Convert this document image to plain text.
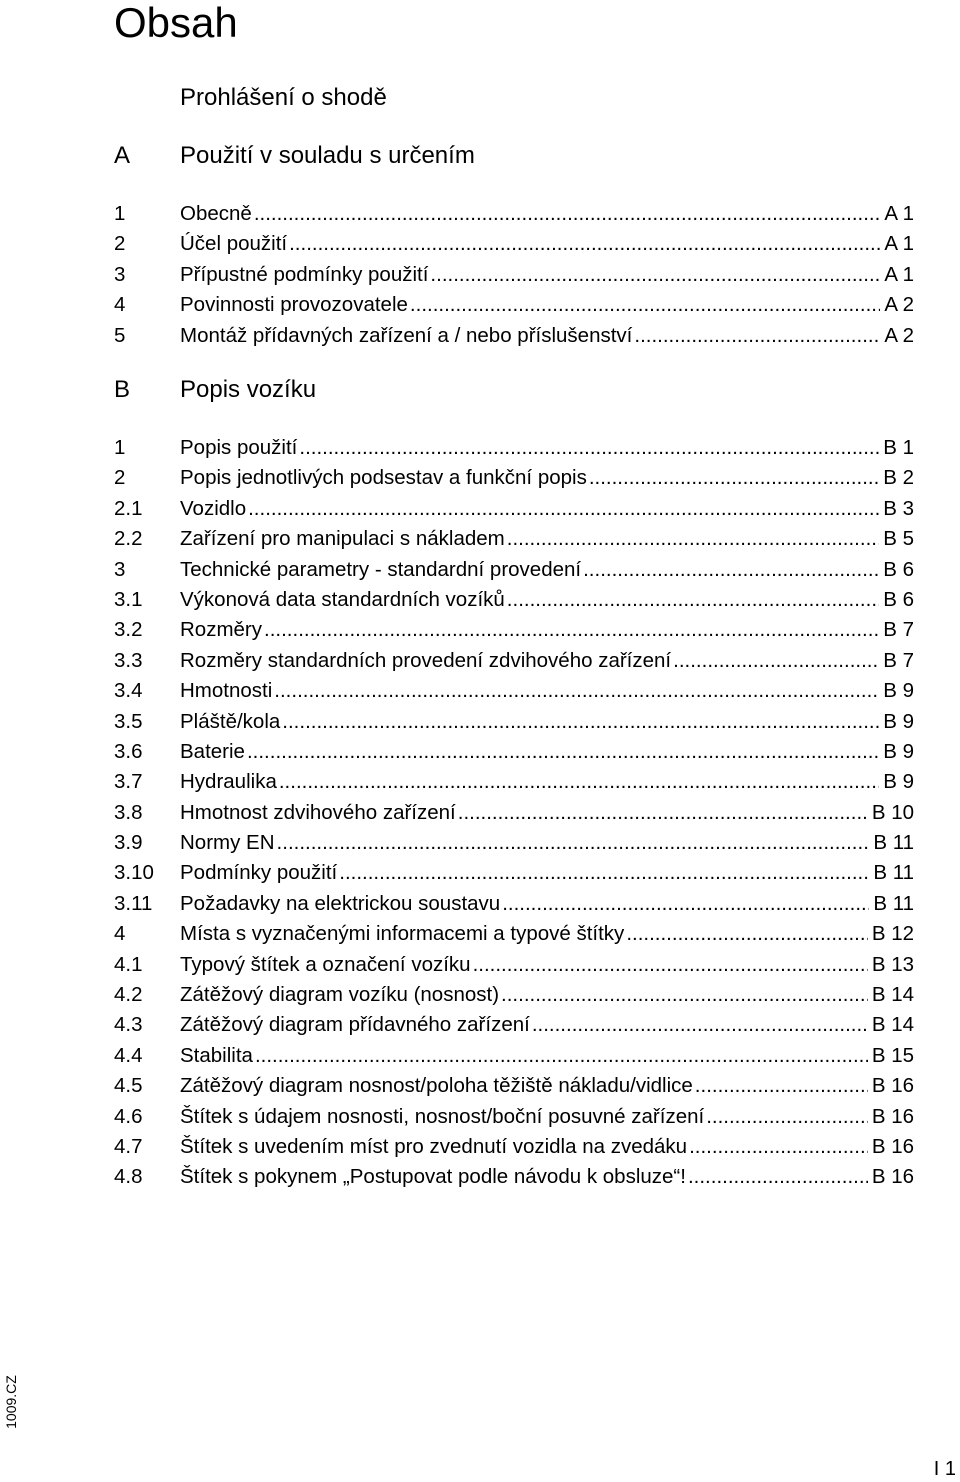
Obsah
Prohlášení o shodě
A Použití v souladu s určením
1	Obecně .....	A 1
2	Účel použití .....	A 1
3	Přípustné podmínky použití .....	A 1
4	Povinnosti provozovatele .....	A 2
5	Montáž přídavných zařízení a / nebo příslušenství .....	A 2
B Popis vozíku
1	Popis použití .....	B 1
2	Popis jednotlivých podsestav a funkční popis .....	B 2
2.1 Vozidlo .....	B 3
2.2 Zařízení pro manipulaci s nákladem .....	B 5
3	Technické parametry - standardní provedení .....	B 6
3.1 Výkonová data standardních vozíků .....	B 6
3.2 Rozměry .....	B 7
3.3 Rozměry standardních provedení zdvihového zařízení .....	B 7
3.4 Hmotnosti .....	B 9
3.5 Pláště/kola .....	B 9
3.6 Baterie .....	B 9
3.7 Hydraulika .....	B 9
3.8 Hmotnost zdvihového zařízení .....	B 10
3.9 Normy EN .....	B 11
3.10 Podmínky použití .....	B 11
3.11 Požadavky na elektrickou soustavu .....	B 11
4	Místa s vyznačenými informacemi a typové štítky .....	B 12
4.1 Typový štítek a označení vozíku .....	B 13
4.2 Zátěžový diagram vozíku (nosnost) .....	B 14
4.3 Zátěžový diagram přídavného zařízení .....	B 14
4.4 Stabilita .....	B 15
4.5 Zátěžový diagram nosnost/poloha těžiště nákladu/vidlice .....	B 16
4.6 Štítek s údajem nosnosti, nosnost/boční posuvné zařízení .....	B 16
4.7 Štítek s uvedením míst pro zvednutí vozidla na zvedáku .....	B 16
4.8 Štítek s pokynem „Postupovat podle návodu k obsluze“! .....	B 16
1009.CZ
I 1
